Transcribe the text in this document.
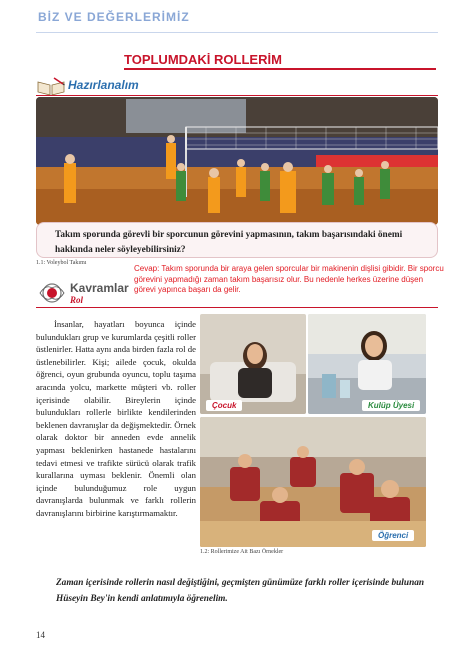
BİZ VE DEĞERLERİMİZ
TOPLUMDAKİ ROLLERİM
Hazırlanalım
Takım sporunda görevli bir sporcunun görevini yapmasının, takım başarısındaki önemi hakkında neler söyleyebilirsiniz?
1.1: Voleybol Takımı
Cevap: Takım sporunda bir araya gelen sporcular bir makinenin dişlisi gibidir. Bir sporcu görevini yapmadığı zaman takım başarısız olur. Bu nedenle herkes üzerine düşen görevi yapınca başarı da gelir.
Kavramlar
Rol
İnsanlar, hayatları boyunca içinde bulundukları grup ve kurumlarda çeşitli roller üstlenirler. Hatta aynı anda birden fazla rol de üstlenebilirler. Kişi; ailede çocuk, okulda öğrenci, oyun grubunda oyuncu, toplu taşıma aracında yolcu, markette müşteri vb. roller içerisinde olabilir. Bireylerin içinde bulundukları rollerle birlikte kendilerinden beklenen davranışlar da değişmektedir. Örnek olarak doktor bir anneden evde annelik yapması beklenirken hastanede hastalarını tedavi etmesi ve trafikte sürücü olarak trafik kurallarına uyması beklenir. Önemli olan içinde bulunduğumuz role uygun davranışlarda bulunmak ve farklı rollerin davranışlarını birbirine karıştırmamaktır.
Çocuk	Kulüp Üyesi
Öğrenci
1.2: Rollerimize Ait Bazı Örnekler
Zaman içerisinde rollerin nasıl değiştiğini, geçmişten günümüze farklı roller içerisinde bulunan Hüseyin Bey'in kendi anlatımıyla öğrenelim.
14
